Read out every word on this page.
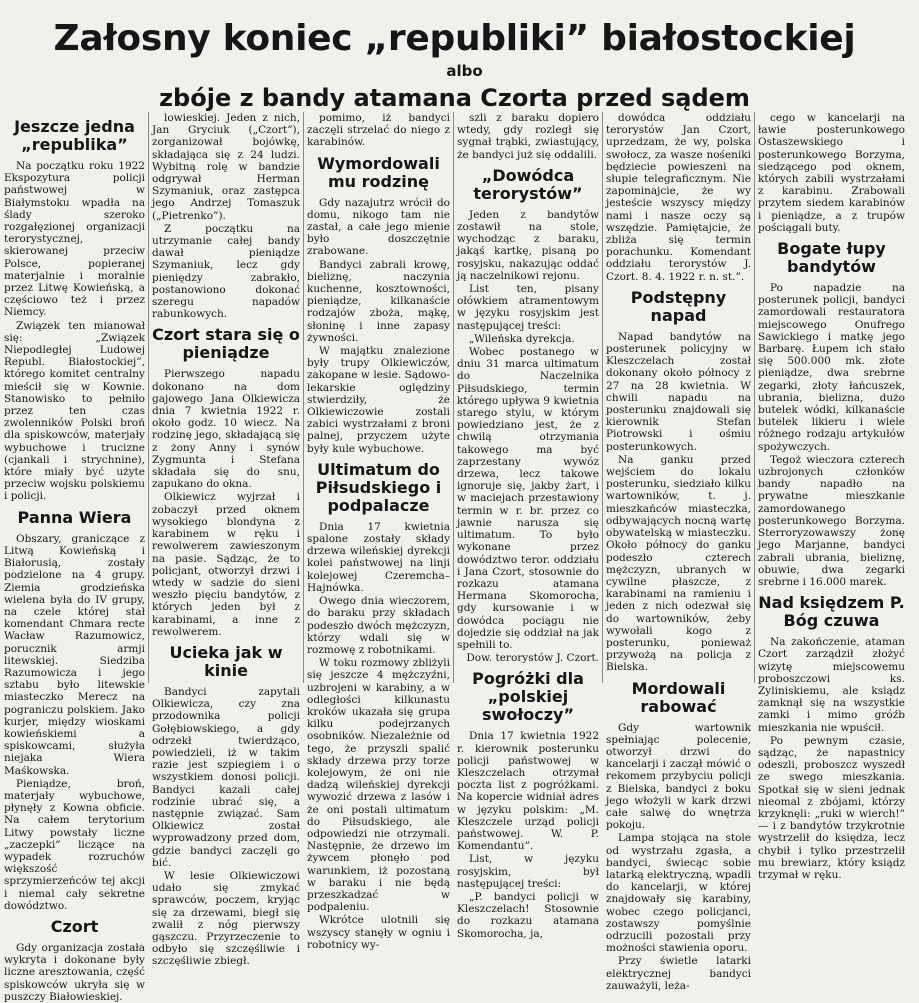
Załosny koniec „republiki” białostockiej
albo
zbóje z bandy atamana Czorta przed sądem
Jeszcze jedna „republika”

Na początku roku 1922 Ekspozytura policji państwowej w Białymstoku wpadła na ślady szeroko rozgałęzionej organizacji terorystycznej, skierowanej przeciw Polsce, popieranej materjalnie i moralnie przez Litwę Kowieńską, a częściowo też i przez Niemcy.

Związek ten mianował się: „Związek Niepodległej Ludowej Republ. Białostockiej”, którego komitet centralny mieścił się w Kownie. Stanowisko to pełniło przez ten czas zwolenników Polski broń dla spiskowców, materjały wybuchowe i trucizne (cjankali i strychnine), które miały być użyte przeciw wojsku polskiemu i policji.

Panna Wiera

Obszary, graniczące z Litwą Kowieńską i Białorusią, zostały podzielone na 4 grupy. Ziemia grodzieńska wielena była do IV grupy, na czele której stał komendant Chmara recte Wacław Razumowicz, porucznik armji litewskiej. Siedziba Razumowicza i jego sztabu było litewskie miasteczko Merecz na pograniczu polskiem. Jako kurjer, między wioskami kowieńskiemi a spiskowcami, służyła niejaka Wiera Maśkowska.

Pieniądze, broń, materjały wybuchowe, płynęły z Kowna obficie. Na całem terytorium Litwy powstały liczne „zaczepki” liczące na wypadek rozruchów większość sprzymierzeńców tej akcji i niemal cały sekretne dowództwo.

Czort

Gdy organizacja została wykryta i dokonane były liczne aresztowania, część spiskowców ukryła się w puszczy Białowieskiej.

lowieskiej. Jeden z nich, Jan Gryciuk („Czort”), zorganizował bojówkę, składająca się z 24 ludzi. Wybitną rolę w bandzie odgrywał Herman Szymaniuk, oraz zastępca jego Andrzej Tomaszuk („Pietrenko”).

Z początku na utrzymanie całej bandy dawał pieniądze Szymaniuk, lecz gdy pieniędzy zabrakło, postanowiono dokonać szeregu napadów rabunkowych.

Czort stara się o pieniądze

Pierwszego napadu dokonano na dom gajowego Jana Olkiewicza dnia 7 kwietnia 1922 r. około godz. 10 wiecz. Na rodzinę jego, składającą się z żony Anny i synów Zygmunta i Stefana składała się do snu, zapukano do okna.

Olkiewicz wyjrzał i zobaczył przed oknem wysokiego blondyna z karabinem w ręku i rewolwerem zawieszonym na pasie. Sądząc, że to policjant, otworzył drzwi i wtedy w sadzie do sieni weszło pięciu bandytów, z których jeden był z karabinami, a inne z rewolwerem.

Ucieka jak w kinie

Bandyci zapytali Olkiewicza, czy zna przodownika policji Gołębiowskiego, a gdy odrzekł twierdząco, powiedzieli, iż w takim razie jest szpiegiem i o wszystkiem donosi policji. Bandyci kazali całej rodzinie ubrać się, a następnie związać. Sam Olkiewicz został wyprowadzony przed dom, gdzie bandyci zaczęli go bić.

W lesie Olkiewiczowi udało się zmykać sprawców, poczem, kryjąc się za drzewami, biegł się zwalił z nóg pierwszy gąszczu. Przyrzeczenie to odbyło się szczęśliwie i szczęśliwie zbiegł.

pomimo, iż bandyci zaczęli strzelać do niego z karabinów.

Wymordowali mu rodzinę

Gdy nazajutrz wrócił do domu, nikogo tam nie zastał, a całe jego mienie było doszczętnie zrabowane.

Bandyci zabrali krowę, bieliznę, naczynia kuchenne, kosztowności, pieniądze, kilkanaście rodzajów zboża, mąkę, słoninę i inne zapasy żywności.

W majątku znalezione były trupy Olkiewiczów, zakopane w lesie. Sądowo-lekarskie oględziny stwierdziły, że Olkiewiczowie zostali zabici wystrzałami z broni palnej, przyczem użyte były kule wybuchowe.

Ultimatum do Piłsudskiego i podpalacze

Dnia 17 kwietnia spalone zostały składy drzewa wileńskiej dyrekcji kolei państwowej na linji kolejowej Czeremcha–Hajnówka.

Owego dnia wieczorem, do baraku przy składach podeszło dwóch mężczyzn, którzy wdali się w rozmowę z robotnikami.

W toku rozmowy zbliżyli się jeszcze 4 mężczyźni, uzbrojeni w karabiny, a w odległości kilkunastu kroków ukazała się grupa kilku podejrzanych osobników. Niezależnie od tego, że przyszli spalić składy drzewa przy torze kolejowym, że oni nie dadzą wileńskiej dyrekcji wywozić drzewa z lasów i że oni postali ultimatum do Piłsudskiego, ale odpowiedzi nie otrzymali. Następnie, że drzewo im żywcem płonęło pod warunkiem, iż pozostaną w baraku i nie będą przeszkadzać w podpaleniu.

Wkrótce ulotnili się wszyscy stanęły w ogniu i robotnicy wy-

szli z baraku dopiero wtedy, gdy rozległ się sygnał trąbki, zwiastujący, że bandyci już się oddalili.

„Dowódca terorystów”

Jeden z bandytów zostawił na stole, wychodząc z baraku, jakąś kartkę, pisaną po rosyjsku, nakazując oddać ją naczelnikowi rejonu.

List ten, pisany ołówkiem atramentowym w języku rosyjskim jest następującej treści:

„Wileńska dyrekcja.

Wobec postanego w dniu 31 marca ultimatum do Naczelnika Piłsudskiego, termin którego upływa 9 kwietnia starego stylu, w którym powiedziano jest, że z chwilą otrzymania takowego ma być zaprzestany wywóz drzewa, lecz takowe ignoruje się, jakby żart, i w maciejach przestawiony termin w r. br. przez co jawnie narusza się ultimatum. To było wykonane przez dowództwo teror. oddziału i Jana Czort, stosownie do rozkazu atamana Hermana Skomorocha, gdy kursowanie i w dowódca pociągu nie dojedzie się oddział na jak spełnili to.

Dow. terorystów J. Czort.
Pogróżki dla „polskiej swołoczy”

Dnia 17 kwietnia 1922 r. kierownik posterunku policji państwowej w Kleszczelach otrzymał poczta list z pogróżkami. Na kopercie widniał adres w języku polskim: „M. Kleszczele urząd policji państwowej. W. P. Komendantu”.

List, w języku rosyjskim, był następującej treści:

„P. bandyci policji w Kleszczelach! Stosownie do rozkazu atamana Skomorocha, ja,

dowódca oddziału terorystów Jan Czort, uprzedzam, że wy, polska swołocz, za wasze nośeniki będziecie powieszeni na słupie telegraficznym. Nie zapominajcie, że wy jesteście wszyscy między nami i nasze oczy są wszędzie. Pamiętajcie, że zbliża się termin porachunku. Komendant oddziału terorystów J. Czort. 8. 4. 1922 r. n. st.”.

Podstępny napad

Napad bandytów na posterunek policyjny w Kleszczelach został dokonany około północy z 27 na 28 kwietnia. W chwili napadu na posterunku znajdowali się kierownik Stefan Piotrowski i ośmiu posterunkowych.

Na ganku przed wejściem do lokalu posterunku, siedziało kilku wartowników, t. j. mieszkańców miasteczka, odbywających nocną wartę obywatelską w miasteczku. Około północy do ganku podeszło czterech mężczyzn, ubranych w cywilne płaszcze, z karabinami na ramieniu i jeden z nich odezwał się do wartowników, żeby wywołali kogo z posterunku, ponieważ przywożą na policja z Bielska.

Mordowali rabować

Gdy wartownik spełniając polecenie, otworzył drzwi do kancelarji i zaczął mówić o rekomem przybyciu policji z Bielska, bandyci z boku jego włożyli w kark drzwi całe salwę do wnętrza pokoju.

Lampa stojąca na stole od wystrzału zgasła, a bandyci, świecąc sobie latarką elektryczną, wpadli do kancelarji, w której znajdowały się karabiny, wobec czego policjanci, zostawszy pomyślnie odrzucili pozostali przy możności stawienia oporu.

Przy świetle latarki elektrycznej bandyci zauważyli, leża-

cego w kancelarji na ławie posterunkowego Ostaszewskiego i posterunkowego Borzyma, siedzącego pod oknem, których zabili wystrzałami z karabinu. Zrabowali przytem siedem karabinów i pieniądze, a z trupów pościągali buty.

Bogate łupy bandytów

Po napadzie na posterunek policji, bandyci zamordowali restauratora miejscowego Onufrego Sawickiego i matkę jego Barbarę. Łupem ich stało się 500.000 mk. złote pieniądze, dwa srebrne zegarki, złoty łańcuszek, ubrania, bielizna, dużo butelek wódki, kilkanaście butelek likieru i wiele różnego rodzaju artykułów spożywczych.

Tegoż wieczora czterech uzbrojonych członków bandy napadło na prywatne mieszkanie zamordowanego posterunkowego Borzyma. Sterroryzowawszy żonę jego Marjanne, bandyci zabrali ubrania, bieliznę, obuwie, dwa zegarki srebrne i 16.000 marek.

Nad księdzem P. Bóg czuwa

Na zakończenie, ataman Czort zarządził złożyć wizytę miejscowemu proboszczowi ks. Zyliniskiemu, ale ksiądz zamknął się na wszystkie zamki i mimo gróźb mieszkania nie wpuścił.

Po pewnym czasie, sądząc, że napastnicy odeszli, proboszcz wyszedł ze swego mieszkania. Spotkał się w sieni jednak nieomal z zbójami, którzy krzyknęli: „ruki w wierch!” — i z bandytów trzykrotnie wystrzelił do księdza, lecz chybił i tylko przestrzelił mu brewiarz, który ksiądz trzymał w ręku.
